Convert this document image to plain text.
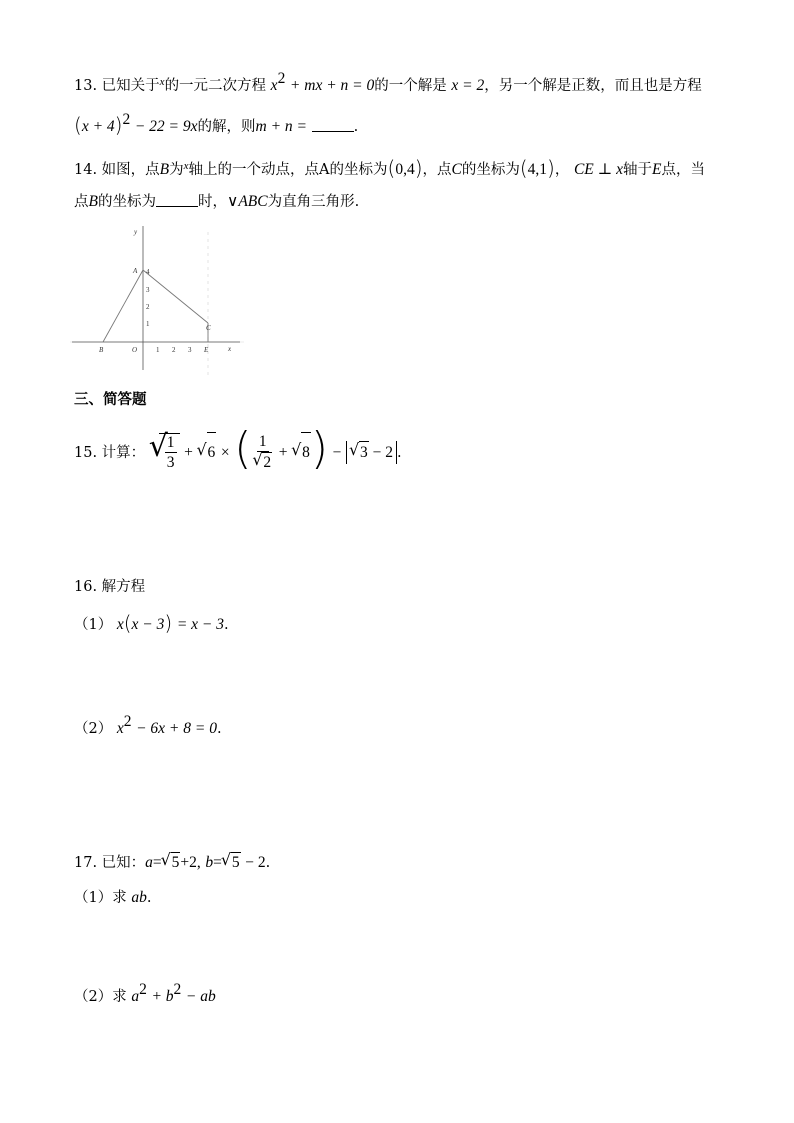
13. 已知关于$^x$的一元二次方程 $x^2$ + mx + n = 0的一个解是 x = 2，另一个解是正数，而且也是方程
$(x + 4)^2 - 22 = 9x$的解，则m + n =	.
14. 如图，点B为$^x$轴上的一个动点，点A的坐标为(0,4)，点C的坐标为(4,1)， CE ⊥ x轴于E点，当
点B的坐标为	时，∨ABC为直角三角形.
y
x
A
B
C
E
O
1
2
3
4
1 2 3
三、简答题
15. 计算： √
$\frac{1}{3}$ + √ 6 × ( $\frac{1}{√ 2}$ + √ 8) − √ 3 − 2 .
16. 解方程
（1） x(x − 3) = x − 3.
（2） $x^2 - 6x + 8 = 0$.
17. 已知：a= √ 5+2, b= √ 5 − 2.
（1）求 ab.
（2）求 $a^2 + b^2$ − ab
